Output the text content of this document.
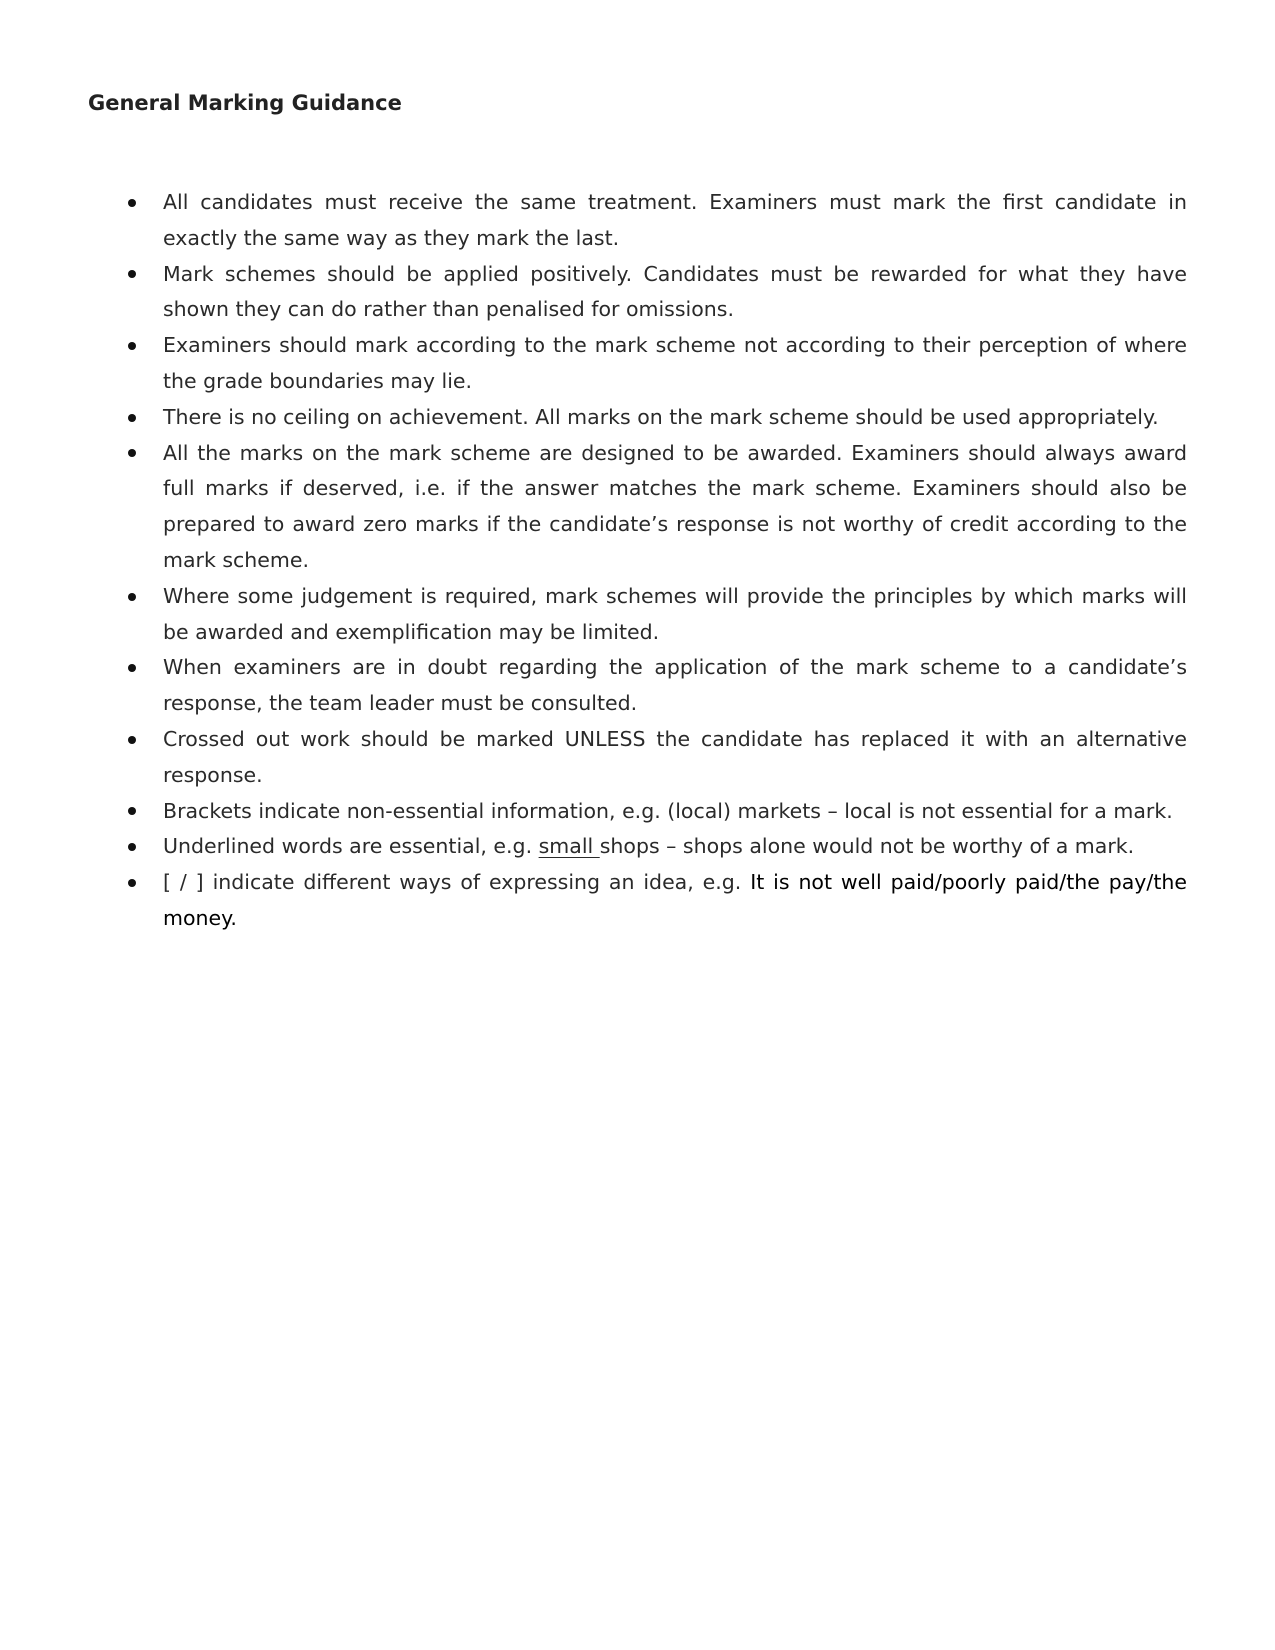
General Marking Guidance
All candidates must receive the same treatment. Examiners must mark the first candidate in exactly the same way as they mark the last.
Mark schemes should be applied positively. Candidates must be rewarded for what they have shown they can do rather than penalised for omissions.
Examiners should mark according to the mark scheme not according to their perception of where the grade boundaries may lie.
There is no ceiling on achievement. All marks on the mark scheme should be used appropriately.
All the marks on the mark scheme are designed to be awarded. Examiners should always award full marks if deserved, i.e. if the answer matches the mark scheme. Examiners should also be prepared to award zero marks if the candidate’s response is not worthy of credit according to the mark scheme.
Where some judgement is required, mark schemes will provide the principles by which marks will be awarded and exemplification may be limited.
When examiners are in doubt regarding the application of the mark scheme to a candidate’s response, the team leader must be consulted.
Crossed out work should be marked UNLESS the candidate has replaced it with an alternative response.
Brackets indicate non-essential information, e.g. (local) markets – local is not essential for a mark.
Underlined words are essential, e.g. small shops – shops alone would not be worthy of a mark.
[ / ] indicate different ways of expressing an idea, e.g. It is not well paid/poorly paid/the pay/the money.
